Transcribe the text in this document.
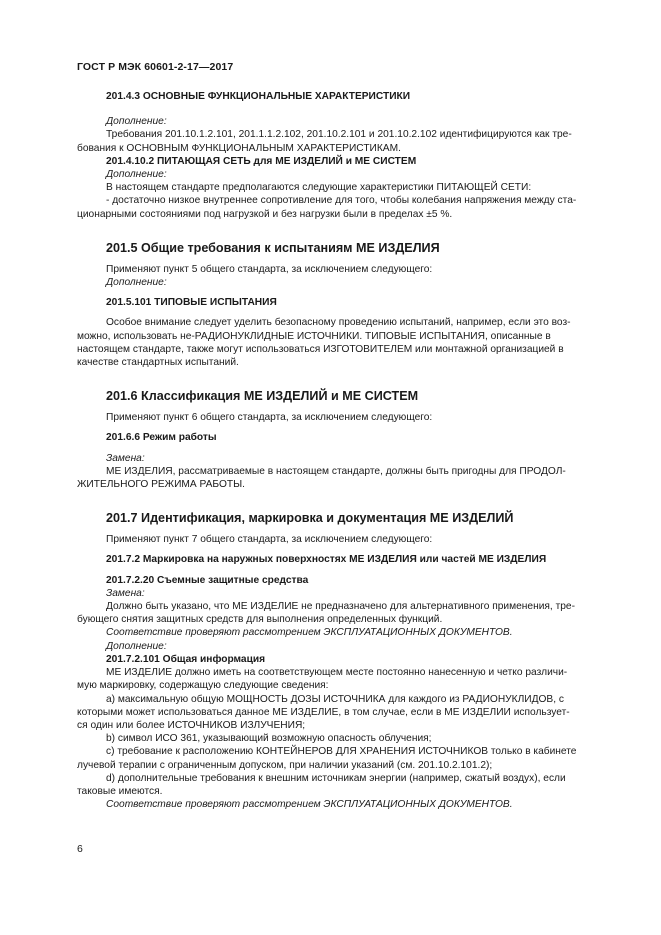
ГОСТ Р МЭК 60601-2-17—2017
201.4.3 ОСНОВНЫЕ ФУНКЦИОНАЛЬНЫЕ ХАРАКТЕРИСТИКИ
Дополнение:
Требования 201.10.1.2.101, 201.1.1.2.102, 201.10.2.101 и 201.10.2.102 идентифицируются как тре-
бования к ОСНОВНЫМ ФУНКЦИОНАЛЬНЫМ ХАРАКТЕРИСТИКАМ.
201.4.10.2 ПИТАЮЩАЯ СЕТЬ для МЕ ИЗДЕЛИЙ и МЕ СИСТЕМ
Дополнение:
В настоящем стандарте предполагаются следующие характеристики ПИТАЮЩЕЙ СЕТИ:
- достаточно низкое внутреннее сопротивление для того, чтобы колебания напряжения между ста-
ционарными состояниями под нагрузкой и без нагрузки были в пределах ±5 %.
201.5 Общие требования к испытаниям МЕ ИЗДЕЛИЯ
Применяют пункт 5 общего стандарта, за исключением следующего:
Дополнение:
201.5.101 ТИПОВЫЕ ИСПЫТАНИЯ
Особое внимание следует уделить безопасному проведению испытаний, например, если это воз-
можно, использовать не-РАДИОНУКЛИДНЫЕ ИСТОЧНИКИ. ТИПОВЫЕ ИСПЫТАНИЯ, описанные в
настоящем стандарте, также могут использоваться ИЗГОТОВИТЕЛЕМ или монтажной организацией в
качестве стандартных испытаний.
201.6 Классификация МЕ ИЗДЕЛИЙ и МЕ СИСТЕМ
Применяют пункт 6 общего стандарта, за исключением следующего:
201.6.6 Режим работы
Замена:
МЕ ИЗДЕЛИЯ, рассматриваемые в настоящем стандарте, должны быть пригодны для ПРОДОЛ-
ЖИТЕЛЬНОГО РЕЖИМА РАБОТЫ.
201.7 Идентификация, маркировка и документация МЕ ИЗДЕЛИЙ
Применяют пункт 7 общего стандарта, за исключением следующего:
201.7.2 Маркировка на наружных поверхностях МЕ ИЗДЕЛИЯ или частей МЕ ИЗДЕЛИЯ
201.7.2.20 Съемные защитные средства
Замена:
Должно быть указано, что МЕ ИЗДЕЛИЕ не предназначено для альтернативного применения, тре-
бующего снятия защитных средств для выполнения определенных функций.
Соответствие проверяют рассмотрением ЭКСПЛУАТАЦИОННЫХ ДОКУМЕНТОВ.
Дополнение:
201.7.2.101 Общая информация
МЕ ИЗДЕЛИЕ должно иметь на соответствующем месте постоянно нанесенную и четко различи-
мую маркировку, содержащую следующие сведения:
a) максимальную общую МОЩНОСТЬ ДОЗЫ ИСТОЧНИКА для каждого из РАДИОНУКЛИДОВ, с
которыми может использоваться данное МЕ ИЗДЕЛИЕ, в том случае, если в МЕ ИЗДЕЛИИ использует-
ся один или более ИСТОЧНИКОВ ИЗЛУЧЕНИЯ;
b) символ ИСО 361, указывающий возможную опасность облучения;
c) требование к расположению КОНТЕЙНЕРОВ ДЛЯ ХРАНЕНИЯ ИСТОЧНИКОВ только в кабинете
лучевой терапии с ограниченным допуском, при наличии указаний (см. 201.10.2.101.2);
d) дополнительные требования к внешним источникам энергии (например, сжатый воздух), если
таковые имеются.
Соответствие проверяют рассмотрением ЭКСПЛУАТАЦИОННЫХ ДОКУМЕНТОВ.
6
